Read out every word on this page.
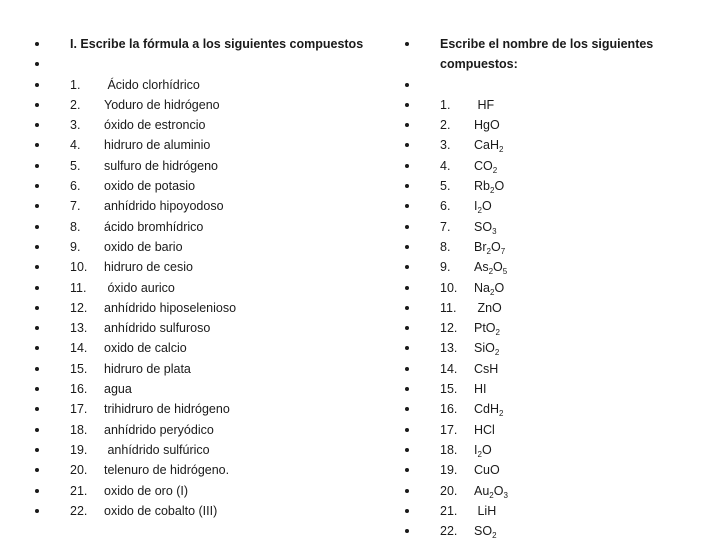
I. Escribe la fórmula a los siguientes compuestos
1. Ácido clorhídrico
2. Yoduro de hidrógeno
3. óxido de estroncio
4. hidruro de aluminio
5. sulfuro de hidrógeno
6. oxido de potasio
7. anhídrido hipoyodoso
8. ácido bromhídrico
9. oxido de bario
10. hidruro de cesio
11. óxido aurico
12. anhídrido hiposelenioso
13. anhídrido sulfuroso
14. oxido de calcio
15. hidruro de plata
16. agua
17. trihidruro de hidrógeno
18. anhídrido peryódico
19. anhídrido sulfúrico
20. telenuro de hidrógeno.
21. oxido de oro (I)
22. oxido de cobalto (III)
Escribe el nombre de los siguientes compuestos:
1. HF
2. HgO
3. CaH$_2$
4. $CO_2$
5. $Rb_2O$
6. $I_2O$
7. $SO_3$
8. $Br_2O_7$
9. $As_2O_5$
10. $Na_2O$
11. ZnO
12. PtO$_2$
13. SiO$_2$
14. CsH
15. HI
16. CdH$_2$
17. HCl
18. $I_2O$
19. CuO
20. $Au_2O_3$
21. LiH
22. $SO_2$
